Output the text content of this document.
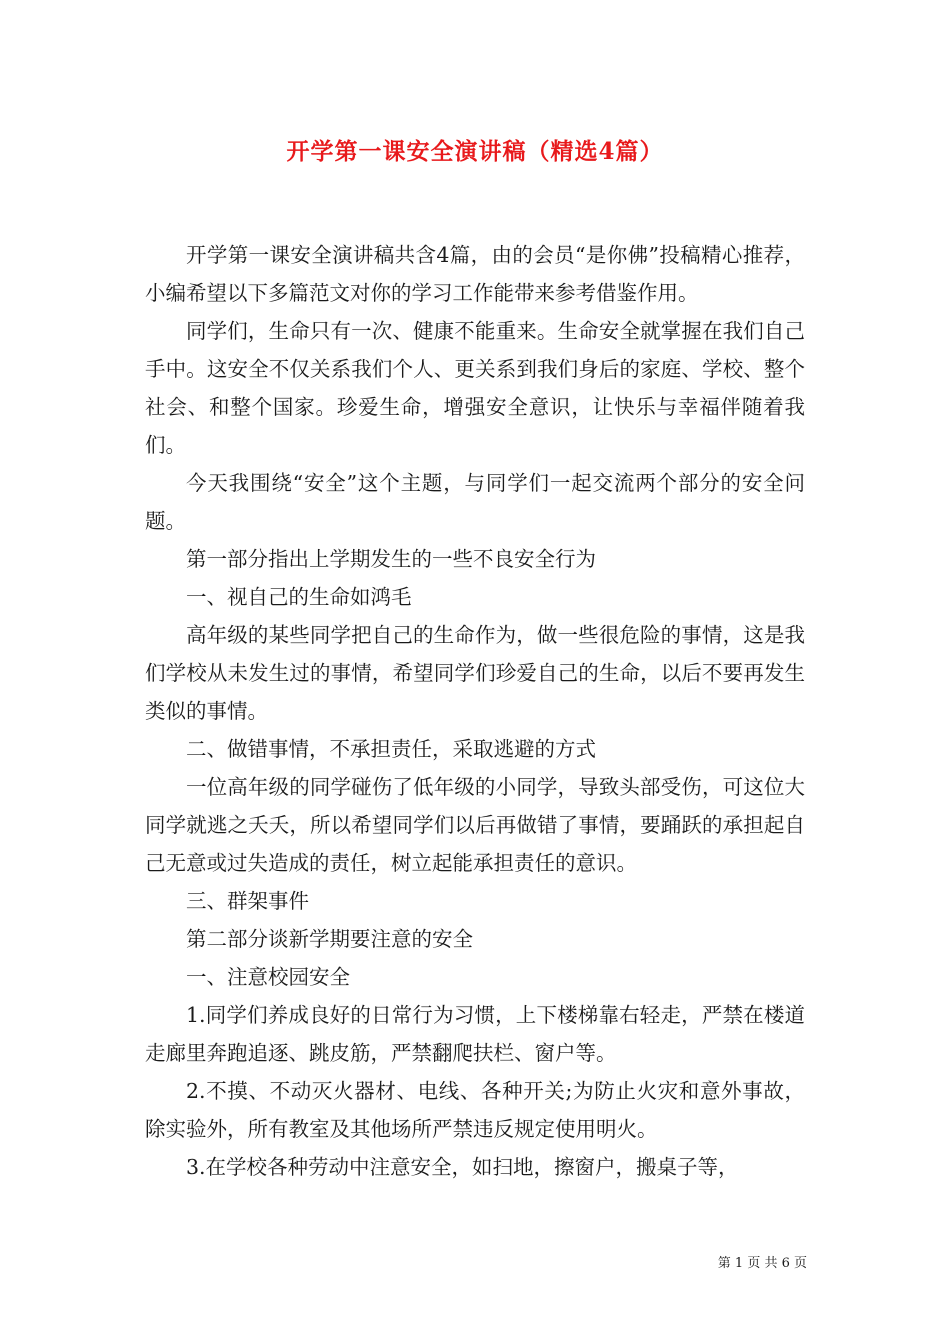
开学第一课安全演讲稿（精选4篇）

开学第一课安全演讲稿共含4篇，由的会员“是你佛”投稿精心推荐，小编希望以下多篇范文对你的学习工作能带来参考借鉴作用。

同学们，生命只有一次、健康不能重来。生命安全就掌握在我们自己手中。这安全不仅关系我们个人、更关系到我们身后的家庭、学校、整个社会、和整个国家。珍爱生命，增强安全意识，让快乐与幸福伴随着我们。

今天我围绕“安全”这个主题，与同学们一起交流两个部分的安全问题。

第一部分指出上学期发生的一些不良安全行为

一、视自己的生命如鸿毛

高年级的某些同学把自己的生命作为，做一些很危险的事情，这是我们学校从未发生过的事情，希望同学们珍爱自己的生命，以后不要再发生类似的事情。

二、做错事情，不承担责任，采取逃避的方式

一位高年级的同学碰伤了低年级的小同学，导致头部受伤，可这位大同学就逃之夭夭，所以希望同学们以后再做错了事情，要踊跃的承担起自己无意或过失造成的责任，树立起能承担责任的意识。

三、群架事件

第二部分谈新学期要注意的安全

一、注意校园安全

1.同学们养成良好的日常行为习惯，上下楼梯靠右轻走，严禁在楼道走廊里奔跑追逐、跳皮筋，严禁翻爬扶栏、窗户等。

2.不摸、不动灭火器材、电线、各种开关;为防止火灾和意外事故，除实验外，所有教室及其他场所严禁违反规定使用明火。

3.在学校各种劳动中注意安全，如扫地，擦窗户，搬桌子等，

第 1 页 共 6 页
